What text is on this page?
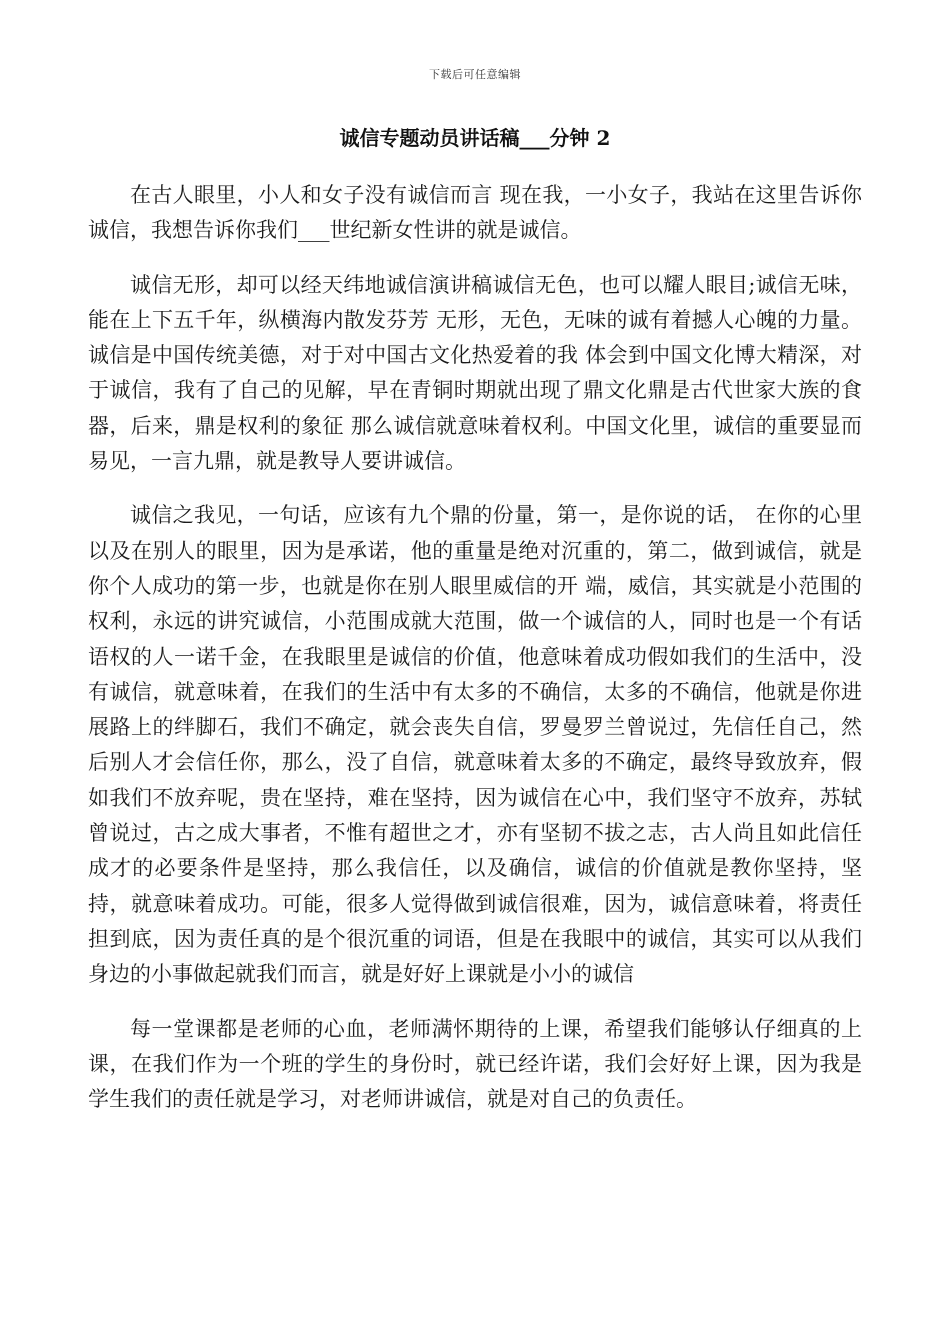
下载后可任意编辑
诚信专题动员讲话稿___分钟 2

在古人眼里，小人和女子没有诚信而言 现在我，一小女子，我站在这里告诉你诚信，我想告诉你我们___世纪新女性讲的就是诚信。

诚信无形，却可以经天纬地诚信演讲稿诚信无色，也可以耀人眼目;诚信无味，能在上下五千年，纵横海内散发芬芳 无形，无色，无味的诚有着撼人心魄的力量。诚信是中国传统美德，对于对中国古文化热爱着的我 体会到中国文化博大精深，对于诚信，我有了自己的见解，早在青铜时期就出现了鼎文化鼎是古代世家大族的食器，后来，鼎是权利的象征 那么诚信就意味着权利。中国文化里，诚信的重要显而易见，一言九鼎，就是教导人要讲诚信。

诚信之我见，一句话，应该有九个鼎的份量，第一，是你说的话， 在你的心里以及在别人的眼里，因为是承诺，他的重量是绝对沉重的，第二，做到诚信，就是你个人成功的第一步，也就是你在别人眼里威信的开 端，威信，其实就是小范围的权利，永远的讲究诚信，小范围成就大范围，做一个诚信的人，同时也是一个有话语权的人一诺千金，在我眼里是诚信的价值，他意味着成功假如我们的生活中，没有诚信，就意味着，在我们的生活中有太多的不确信，太多的不确信，他就是你进展路上的绊脚石，我们不确定，就会丧失自信，罗曼罗兰曾说过，先信任自己，然后别人才会信任你，那么，没了自信，就意味着太多的不确定，最终导致放弃，假如我们不放弃呢，贵在坚持，难在坚持，因为诚信在心中，我们坚守不放弃，苏轼曾说过，古之成大事者，不惟有超世之才，亦有坚韧不拔之志，古人尚且如此信任成才的必要条件是坚持，那么我信任，以及确信，诚信的价值就是教你坚持，坚持，就意味着成功。可能，很多人觉得做到诚信很难，因为，诚信意味着，将责任担到底，因为责任真的是个很沉重的词语，但是在我眼中的诚信，其实可以从我们身边的小事做起就我们而言，就是好好上课就是小小的诚信

每一堂课都是老师的心血，老师满怀期待的上课，希望我们能够认仔细真的上课，在我们作为一个班的学生的身份时，就已经许诺，我们会好好上课，因为我是学生我们的责任就是学习，对老师讲诚信，就是对自己的负责任。
